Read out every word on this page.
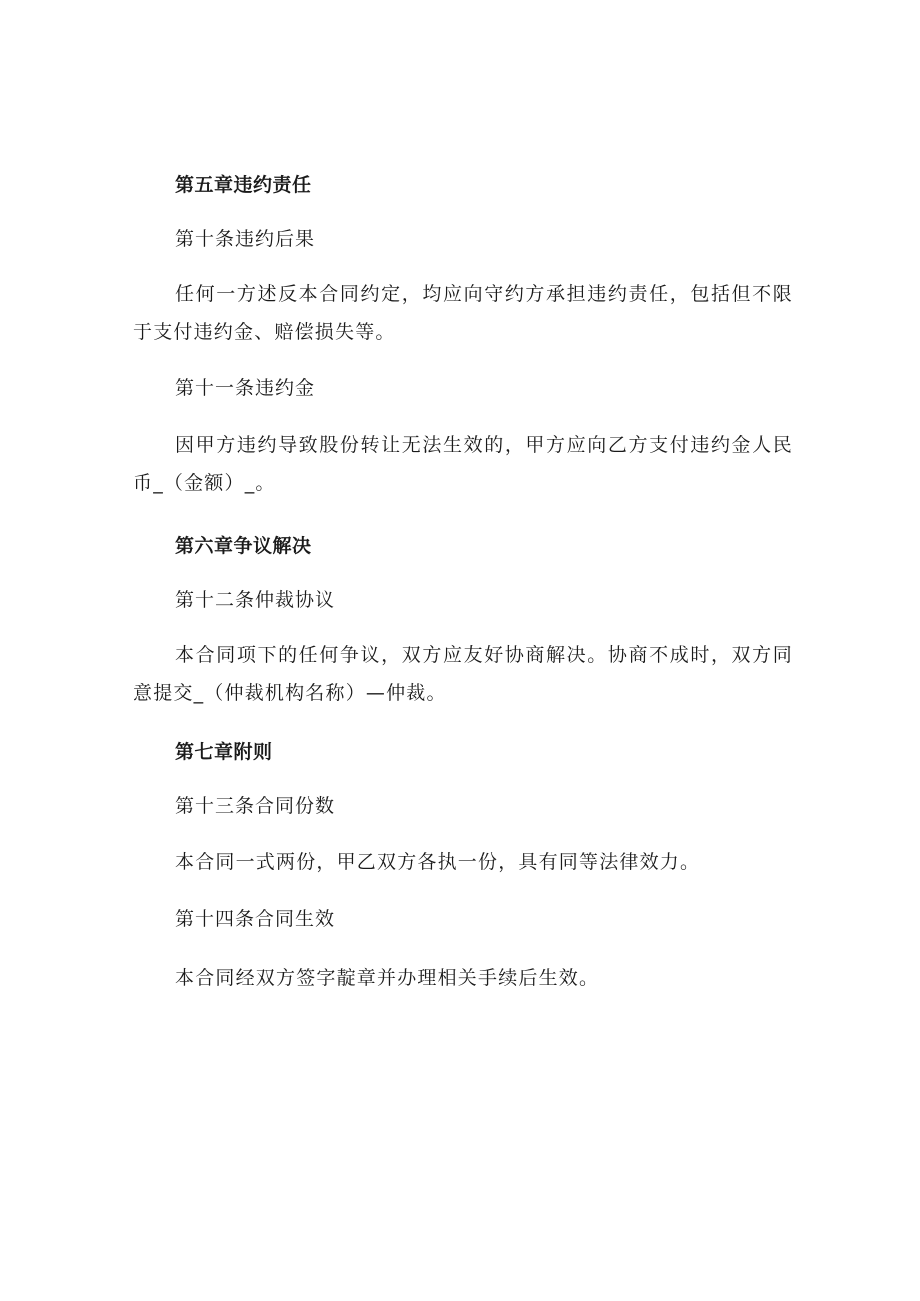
第五章违约责任
第十条违约后果
任何一方述反本合同约定，均应向守约方承担违约责任，包括但不限于支付违约金、赔偿损失等。
第十一条违约金
因甲方违约导致股份转让无法生效的，甲方应向乙方支付违约金人民币_（金额）_。
第六章争议解决
第十二条仲裁协议
本合同项下的任何争议，双方应友好协商解决。协商不成时，双方同意提交_（仲裁机构名称）—仲裁。
第七章附则
第十三条合同份数
本合同一式两份，甲乙双方各执一份，具有同等法律效力。
第十四条合同生效
本合同经双方签字靛章并办理相关手续后生效。
